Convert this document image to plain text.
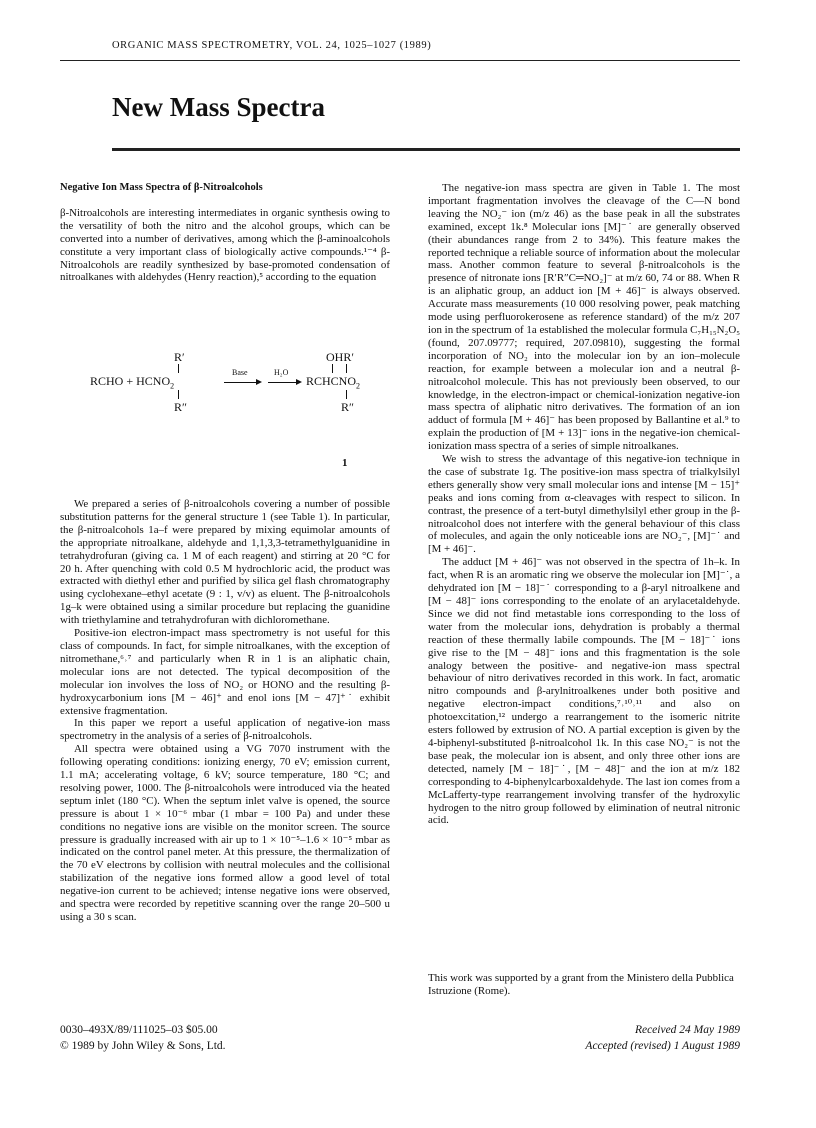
ORGANIC MASS SPECTROMETRY, VOL. 24, 1025–1027 (1989)
New Mass Spectra

Negative Ion Mass Spectra of β-Nitroalcohols

β-Nitroalcohols are interesting intermediates in organic synthesis owing to the versatility of both the nitro and the alcohol groups, which can be converted into a number of derivatives, among which the β-aminoalcohols constitute a very important class of biologically active compounds.¹⁻⁴ β-Nitroalcohols are readily synthesized by base-promoted condensation of nitroalkanes with aldehydes (Henry reaction),⁵ according to the equation

R′
RCHO + $HCNO_2$
R″
Base	H₂O
OHR′
$RCHCNO_2$
R″
1

We prepared a series of β-nitroalcohols covering a number of possible substitution patterns for the general structure 1 (see Table 1). In particular, the β-nitroalcohols 1a–f were prepared by mixing equimolar amounts of the appropriate nitroalkane, aldehyde and 1,1,3,3-tetramethylguanidine in tetrahydrofuran (giving ca. 1 M of each reagent) and stirring at 20 °C for 20 h. After quenching with cold 0.5 M hydrochloric acid, the product was extracted with diethyl ether and purified by silica gel flash chromatography using cyclohexane–ethyl acetate (9 : 1, v/v) as eluent. The β-nitroalcohols 1g–k were obtained using a similar procedure but replacing the guanidine with triethylamine and tetrahydrofuran with dichloromethane.

Positive-ion electron-impact mass spectrometry is not useful for this class of compounds. In fact, for simple nitroalkanes, with the exception of nitromethane,⁶˒⁷ and particularly when R in 1 is an aliphatic chain, molecular ions are not detected. The typical decomposition of the molecular ion involves the loss of NO₂ or HONO and the resulting β-hydroxycarbonium ions [M − 46]⁺ and enol ions [M − 47]⁺˙ exhibit extensive fragmentation.

In this paper we report a useful application of negative-ion mass spectrometry in the analysis of a series of β-nitroalcohols.

All spectra were obtained using a VG 7070 instrument with the following operating conditions: ionizing energy, 70 eV; emission current, 1.1 mA; accelerating voltage, 6 kV; source temperature, 180 °C; and resolving power, 1000. The β-nitroalcohols were introduced via the heated septum inlet (180 °C). When the septum inlet valve is opened, the source pressure is about 1 × 10⁻⁶ mbar (1 mbar = 100 Pa) and under these conditions no negative ions are visible on the monitor screen. The source pressure is gradually increased with air up to 1 × 10⁻⁵–1.6 × 10⁻⁵ mbar as indicated on the control panel meter. At this pressure, the thermalization of the 70 eV electrons by collision with neutral molecules and the collisional stabilization of the negative ions formed allow a good level of total negative-ion current to be achieved; intense negative ions were observed, and spectra were recorded by repetitive scanning over the range 20–500 u using a 30 s scan.

The negative-ion mass spectra are given in Table 1. The most important fragmentation involves the cleavage of the C—N bond leaving the NO₂⁻ ion (m/z 46) as the base peak in all the substrates examined, except 1k.⁸ Molecular ions [M]⁻˙ are generally observed (their abundances range from 2 to 34%). This feature makes the reported technique a reliable source of information about the molecular mass. Another common feature to several β-nitroalcohols is the presence of nitronate ions [R′R″C═NO₂]⁻ at m/z 60, 74 or 88. When R is an aliphatic group, an adduct ion [M + 46]⁻ is always observed. Accurate mass measurements (10 000 resolving power, peak matching mode using perfluorokerosene as reference standard) of the m/z 207 ion in the spectrum of 1a established the molecular formula C₇H₁₅N₂O₅ (found, 207.09777; required, 207.09810), suggesting the formal incorporation of NO₂ into the molecular ion by an ion–molecule reaction, for example between a molecular ion and a neutral β-nitroalcohol molecule. This has not previously been observed, to our knowledge, in the electron-impact or chemical-ionization negative-ion mass spectra of aliphatic nitro derivatives. The formation of an ion adduct of formula [M + 46]⁻ has been proposed by Ballantine et al.⁹ to explain the production of [M + 13]⁻ ions in the negative-ion chemical-ionization mass spectra of a series of simple nitroalkanes.

We wish to stress the advantage of this negative-ion technique in the case of substrate 1g. The positive-ion mass spectra of trialkylsilyl ethers generally show very small molecular ions and intense [M − 15]⁺ peaks and ions coming from α-cleavages with respect to silicon. In contrast, the presence of a tert-butyl dimethylsilyl ether group in the β-nitroalcohol does not interfere with the general behaviour of this class of molecules, and again the only noticeable ions are NO₂⁻, [M]⁻˙ and [M + 46]⁻.

The adduct [M + 46]⁻ was not observed in the spectra of 1h–k. In fact, when R is an aromatic ring we observe the molecular ion [M]⁻˙, a dehydrated ion [M − 18]⁻˙ corresponding to a β-aryl nitroalkene and [M − 48]⁻ ions corresponding to the enolate of an arylacetaldehyde. Since we did not find metastable ions corresponding to the loss of water from the molecular ions, dehydration is probably a thermal reaction of these thermally labile compounds. The [M − 18]⁻˙ ions give rise to the [M − 48]⁻ ions and this fragmentation is the sole analogy between the positive- and negative-ion mass spectral behaviour of nitro derivatives recorded in this work. In fact, aromatic nitro compounds and β-arylnitroalkenes under both positive and negative electron-impact conditions,⁷˒¹⁰˒¹¹ and also on photoexcitation,¹² undergo a rearrangement to the isomeric nitrite esters followed by extrusion of NO. A partial exception is given by the 4-biphenyl-substituted β-nitroalcohol 1k. In this case NO₂⁻ is not the base peak, the molecular ion is absent, and only three other ions are detected, namely [M − 18]⁻˙, [M − 48]⁻ and the ion at m/z 182 corresponding to 4-biphenylcarboxaldehyde. The last ion comes from a McLafferty-type rearrangement involving transfer of the hydroxylic hydrogen to the nitro group followed by elimination of neutral nitronic acid.

This work was supported by a grant from the Ministero della Pubblica Istruzione (Rome).
0030–493X/89/111025–03 $05.00
© 1989 by John Wiley & Sons, Ltd.
Received 24 May 1989
Accepted (revised) 1 August 1989
